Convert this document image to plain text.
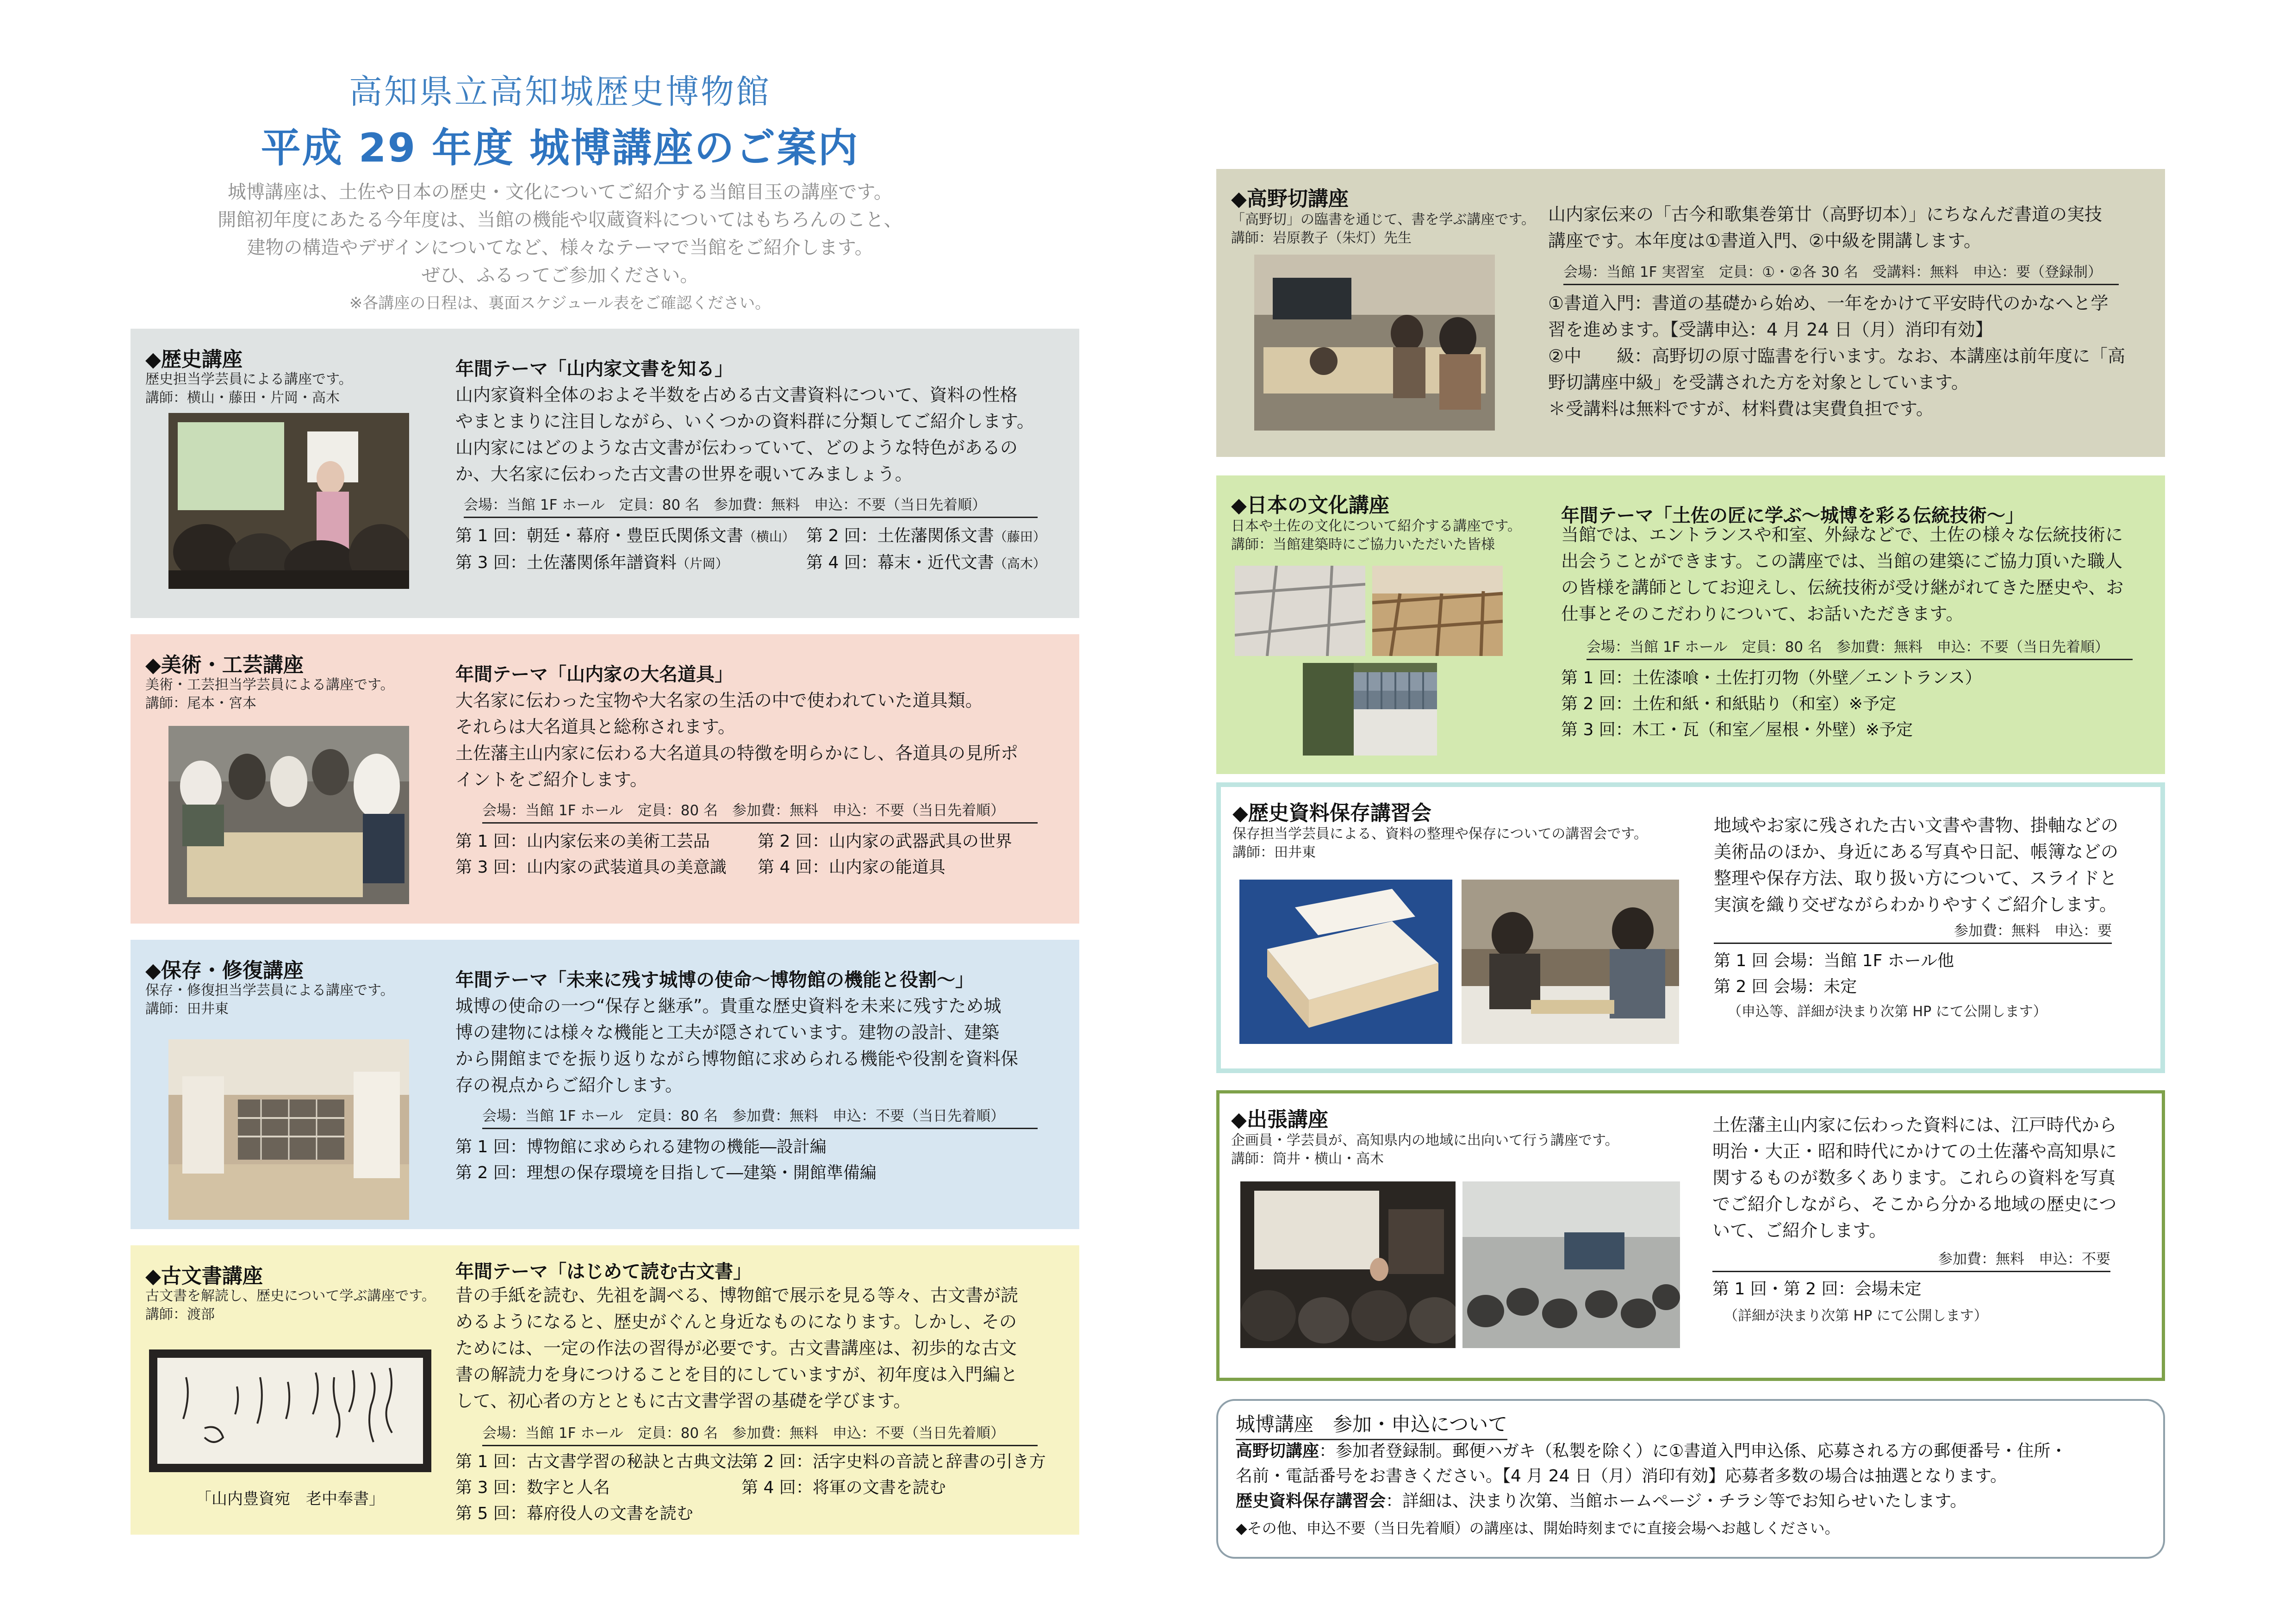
高知県立高知城歴史博物館
平成 29 年度 城博講座のご案内
城博講座は、土佐や日本の歴史・文化についてご紹介する当館目玉の講座です。
開館初年度にあたる今年度は、当館の機能や収蔵資料についてはもちろんのこと、
建物の構造やデザインについてなど、様々なテーマで当館をご紹介します。
ぜひ、ふるってご参加ください。
※各講座の日程は、裏面スケジュール表をご確認ください。
◆歴史講座
歴史担当学芸員による講座です。
講師：横山・藤田・片岡・高木
年間テーマ「山内家文書を知る」
山内家資料全体のおよそ半数を占める古文書資料について、資料の性格
やまとまりに注目しながら、いくつかの資料群に分類してご紹介します。
山内家にはどのような古文書が伝わっていて、どのような特色があるの
か、大名家に伝わった古文書の世界を覗いてみましょう。
会場：当館 1F ホール　定員：80 名　参加費：無料　申込：不要（当日先着順）
第 1 回：朝廷・幕府・豊臣氏関係文書（横山）
第 3 回：土佐藩関係年譜資料（片岡）
第 2 回：土佐藩関係文書（藤田）
第 4 回：幕末・近代文書（高木）
◆美術・工芸講座
美術・工芸担当学芸員による講座です。
講師：尾本・宮本
年間テーマ「山内家の大名道具」
大名家に伝わった宝物や大名家の生活の中で使われていた道具類。
それらは大名道具と総称されます。
土佐藩主山内家に伝わる大名道具の特徴を明らかにし、各道具の見所ポ
イントをご紹介します。
会場：当館 1F ホール　定員：80 名　参加費：無料　申込：不要（当日先着順）
第 1 回：山内家伝来の美術工芸品
第 3 回：山内家の武装道具の美意識
第 2 回：山内家の武器武具の世界
第 4 回：山内家の能道具
◆保存・修復講座
保存・修復担当学芸員による講座です。
講師：田井東
年間テーマ「未来に残す城博の使命～博物館の機能と役割～」
城博の使命の一つ“保存と継承”。貴重な歴史資料を未来に残すため城
博の建物には様々な機能と工夫が隠されています。建物の設計、建築
から開館までを振り返りながら博物館に求められる機能や役割を資料保
存の視点からご紹介します。
会場：当館 1F ホール　定員：80 名　参加費：無料　申込：不要（当日先着順）
第 1 回：博物館に求められる建物の機能―設計編
第 2 回：理想の保存環境を目指して―建築・開館準備編
◆古文書講座
古文書を解読し、歴史について学ぶ講座です。
講師：渡部
「山内豊資宛　老中奉書」
年間テーマ「はじめて読む古文書」
昔の手紙を読む、先祖を調べる、博物館で展示を見る等々、古文書が読
めるようになると、歴史がぐんと身近なものになります。しかし、その
ためには、一定の作法の習得が必要です。古文書講座は、初歩的な古文
書の解読力を身につけることを目的にしていますが、初年度は入門編と
して、初心者の方とともに古文書学習の基礎を学びます。
会場：当館 1F ホール　定員：80 名　参加費：無料　申込：不要（当日先着順）
第 1 回：古文書学習の秘訣と古典文法
第 3 回：数字と人名
第 5 回：幕府役人の文書を読む
第 2 回：活字史料の音読と辞書の引き方
第 4 回：将軍の文書を読む
◆高野切講座
「高野切」の臨書を通じて、書を学ぶ講座です。
講師：岩原教子（朱灯）先生
山内家伝来の「古今和歌集巻第廿（高野切本）」にちなんだ書道の実技
講座です。本年度は①書道入門、②中級を開講します。
会場：当館 1F 実習室　定員：①・②各 30 名　受講料：無料　申込：要（登録制）
①書道入門：書道の基礎から始め、一年をかけて平安時代のかなへと学
習を進めます。【受講申込：4 月 24 日（月）消印有効】
②中　　級：高野切の原寸臨書を行います。なお、本講座は前年度に「高
野切講座中級」を受講された方を対象としています。
＊受講料は無料ですが、材料費は実費負担です。
◆日本の文化講座
日本や土佐の文化について紹介する講座です。
講師：当館建築時にご協力いただいた皆様
年間テーマ「土佐の匠に学ぶ～城博を彩る伝統技術～」
当館では、エントランスや和室、外緑などで、土佐の様々な伝統技術に
出会うことができます。この講座では、当館の建築にご協力頂いた職人
の皆様を講師としてお迎えし、伝統技術が受け継がれてきた歴史や、お
仕事とそのこだわりについて、お話いただきます。
会場：当館 1F ホール　定員：80 名　参加費：無料　申込：不要（当日先着順）
第 1 回：土佐漆喰・土佐打刃物（外壁／エントランス）
第 2 回：土佐和紙・和紙貼り（和室）※予定
第 3 回：木工・瓦（和室／屋根・外壁）※予定
◆歴史資料保存講習会
保存担当学芸員による、資料の整理や保存についての講習会です。
講師：田井東
地域やお家に残された古い文書や書物、掛軸などの
美術品のほか、身近にある写真や日記、帳簿などの
整理や保存方法、取り扱い方について、スライドと
実演を織り交ぜながらわかりやすくご紹介します。
参加費：無料　申込：要
第 1 回 会場：当館 1F ホール他
第 2 回 会場：未定
（申込等、詳細が決まり次第 HP にて公開します）
◆出張講座
企画員・学芸員が、高知県内の地域に出向いて行う講座です。
講師：筒井・横山・高木
土佐藩主山内家に伝わった資料には、江戸時代から
明治・大正・昭和時代にかけての土佐藩や高知県に
関するものが数多くあります。これらの資料を写真
でご紹介しながら、そこから分かる地域の歴史につ
いて、ご紹介します。
参加費：無料　申込：不要
第 1 回・第 2 回：会場未定
（詳細が決まり次第 HP にて公開します）
城博講座　参加・申込について
高野切講座：参加者登録制。郵便ハガキ（私製を除く）に①書道入門申込係、応募される方の郵便番号・住所・
名前・電話番号をお書きください。【4 月 24 日（月）消印有効】応募者多数の場合は抽選となります。
歴史資料保存講習会：詳細は、決まり次第、当館ホームページ・チラシ等でお知らせいたします。
◆その他、申込不要（当日先着順）の講座は、開始時刻までに直接会場へお越しください。
